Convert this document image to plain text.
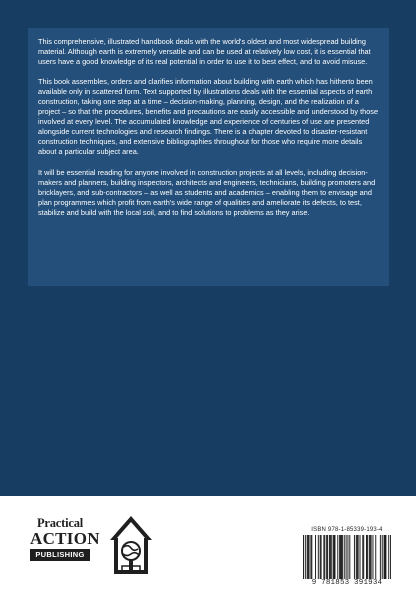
This comprehensive, illustrated handbook deals with the world's oldest and most widespread building material. Although earth is extremely versatile and can be used at relatively low cost, it is essential that users have a good knowledge of its real potential in order to use it to best effect, and to avoid misuse.

This book assembles, orders and clarifies information about building with earth which has hitherto been available only in scattered form. Text supported by illustrations deals with the essential aspects of earth construction, taking one step at a time – decision-making, planning, design, and the realization of a project – so that the procedures, benefits and precautions are easily accessible and understood by those involved at every level. The accumulated knowledge and experience of centuries of use are presented alongside current technologies and research findings. There is a chapter devoted to disaster-resistant construction techniques, and extensive bibliographies throughout for those who require more details about a particular subject area.

It will be essential reading for anyone involved in construction projects at all levels, including decision-makers and planners, building inspectors, architects and engineers, technicians, building promoters and bricklayers, and sub-contractors – as well as students and academics – enabling them to envisage and plan programmes which profit from earth's wide range of qualities and ameliorate its defects, to test, stabilize and build with the local soil, and to find solutions to problems as they arise.

Practical
ACTION
PUBLISHING
ISBN 978-1-85339-193-4
9 781853 391934
